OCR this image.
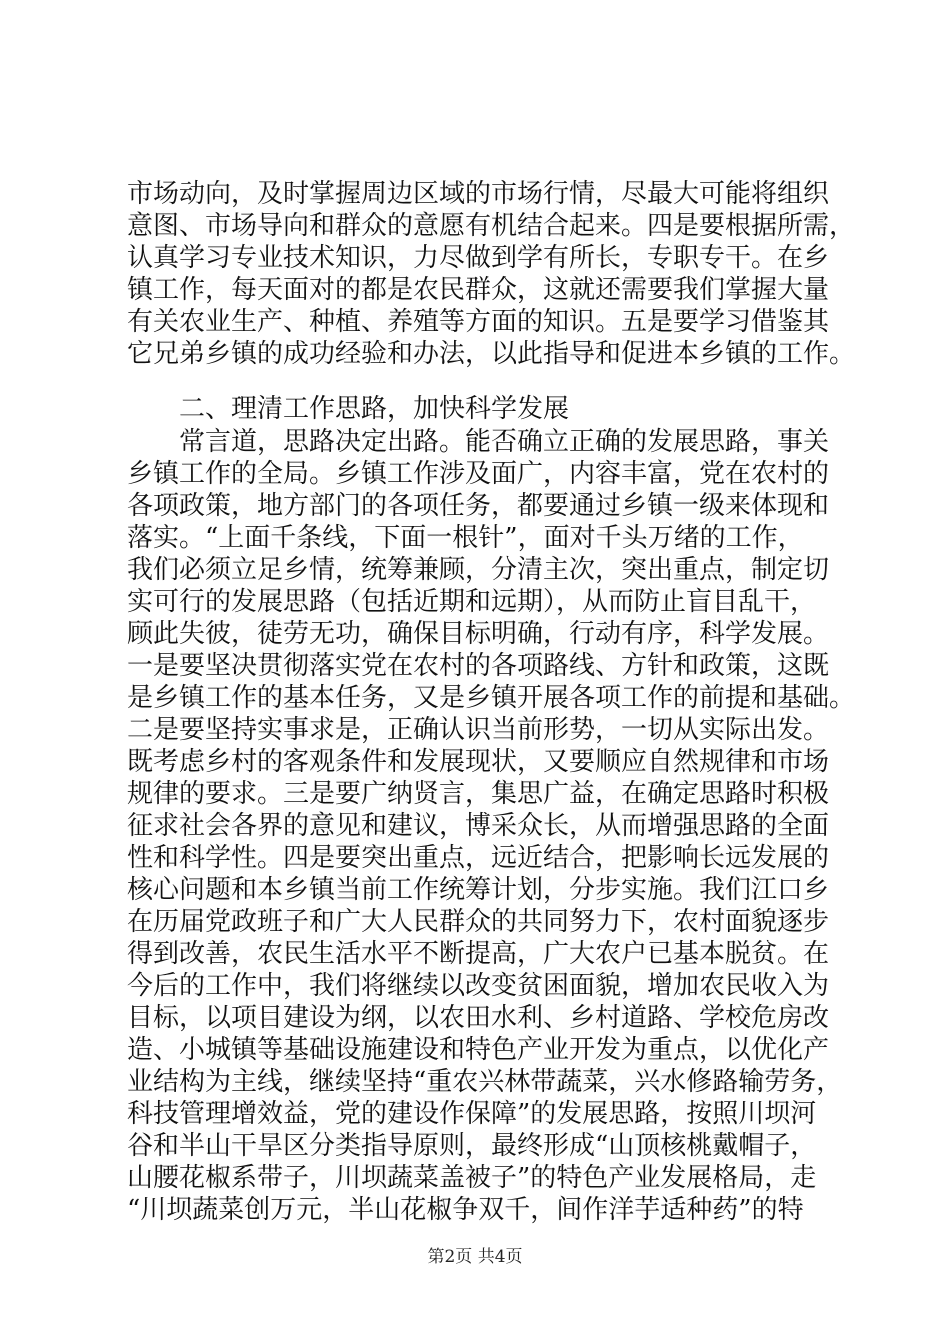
市场动向，及时掌握周边区域的市场行情，尽最大可能将组织
意图、市场导向和群众的意愿有机结合起来。四是要根据所需，
认真学习专业技术知识，力尽做到学有所长，专职专干。在乡
镇工作，每天面对的都是农民群众，这就还需要我们掌握大量
有关农业生产、种植、养殖等方面的知识。五是要学习借鉴其
它兄弟乡镇的成功经验和办法，以此指导和促进本乡镇的工作。
　　二、理清工作思路，加快科学发展
　　常言道，思路决定出路。能否确立正确的发展思路，事关
乡镇工作的全局。乡镇工作涉及面广，内容丰富，党在农村的
各项政策，地方部门的各项任务，都要通过乡镇一级来体现和
落实。“上面千条线，下面一根针”，面对千头万绪的工作，
我们必须立足乡情，统筹兼顾，分清主次，突出重点，制定切
实可行的发展思路（包括近期和远期），从而防止盲目乱干，
顾此失彼，徒劳无功，确保目标明确，行动有序，科学发展。
一是要坚决贯彻落实党在农村的各项路线、方针和政策，这既
是乡镇工作的基本任务，又是乡镇开展各项工作的前提和基础。
二是要坚持实事求是，正确认识当前形势，一切从实际出发。
既考虑乡村的客观条件和发展现状，又要顺应自然规律和市场
规律的要求。三是要广纳贤言，集思广益，在确定思路时积极
征求社会各界的意见和建议，博采众长，从而增强思路的全面
性和科学性。四是要突出重点，远近结合，把影响长远发展的
核心问题和本乡镇当前工作统筹计划，分步实施。我们江口乡
在历届党政班子和广大人民群众的共同努力下，农村面貌逐步
得到改善，农民生活水平不断提高，广大农户已基本脱贫。在
今后的工作中，我们将继续以改变贫困面貌，增加农民收入为
目标，以项目建设为纲，以农田水利、乡村道路、学校危房改
造、小城镇等基础设施建设和特色产业开发为重点，以优化产
业结构为主线，继续坚持“重农兴林带蔬菜，兴水修路输劳务，
科技管理增效益，党的建设作保障”的发展思路，按照川坝河
谷和半山干旱区分类指导原则，最终形成“山顶核桃戴帽子，
山腰花椒系带子，川坝蔬菜盖被子”的特色产业发展格局，走
“川坝蔬菜创万元，半山花椒争双千，间作洋芋适种药”的特
第2页 共4页
